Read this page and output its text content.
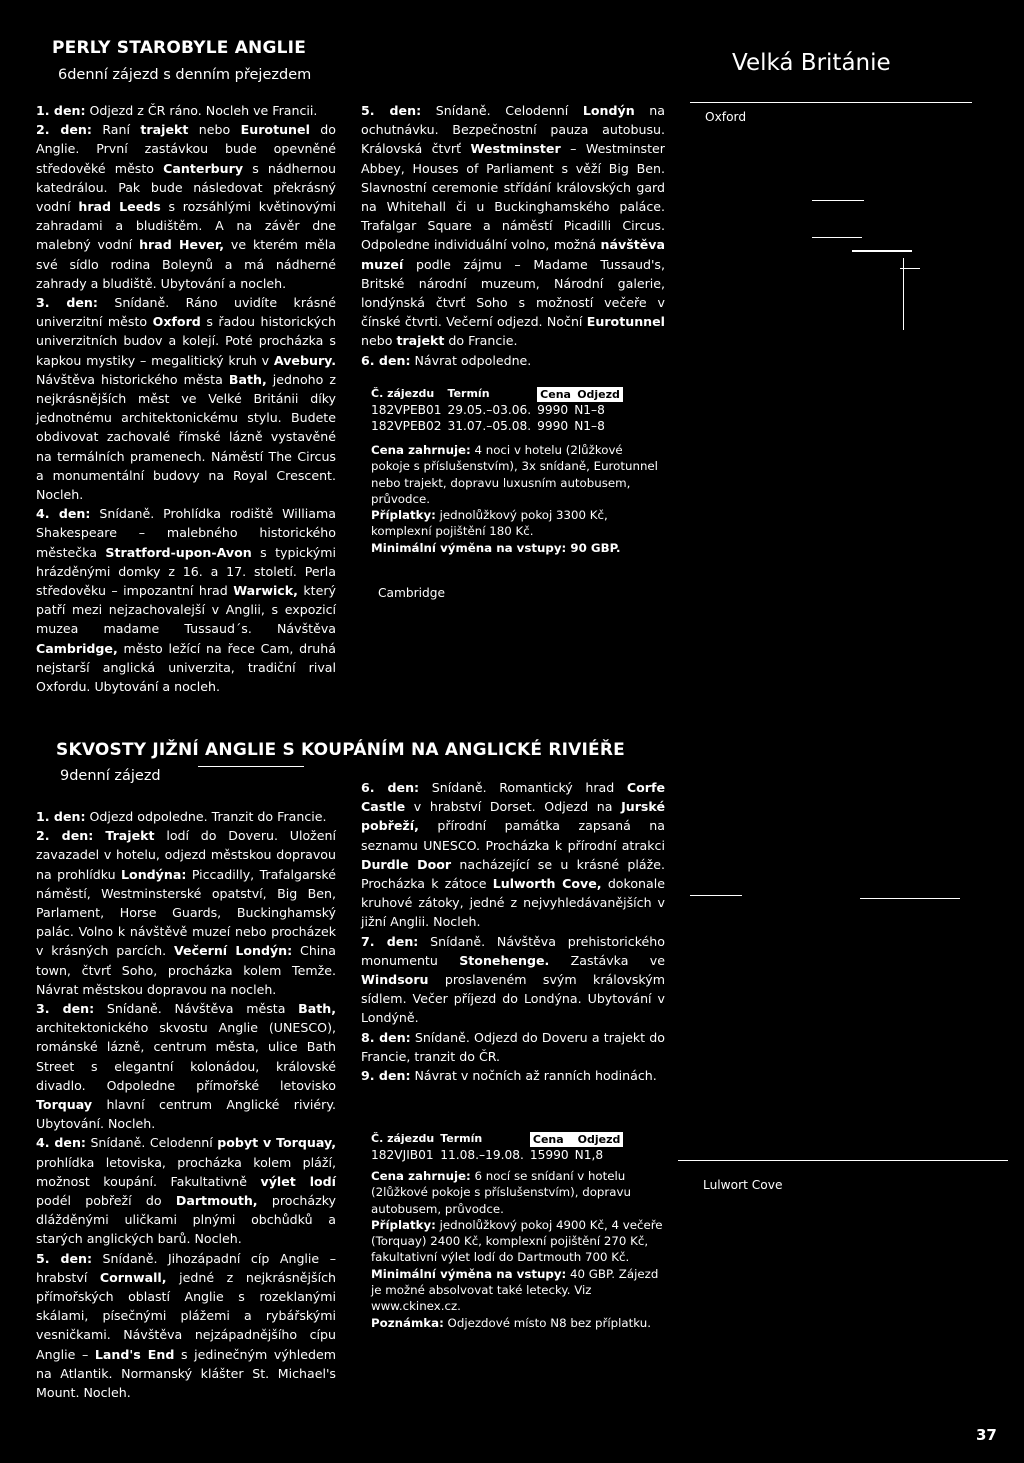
PERLY STAROBYLE ANGLIE
6denní zájezd s denním přejezdem	Velká Británie
Oxford
Cambridge
Lulwort Cove

1. den: Odjezd z ČR ráno. Nocleh ve Francii.

2. den: Raní trajekt nebo Eurotunel do Anglie. První zastávkou bude opevněné středověké město Canterbury s nádhernou katedrálou. Pak bude následovat překrásný vodní hrad Leeds s rozsáhlými květinovými zahradami a bludištěm. A na závěr dne malebný vodní hrad Hever, ve kterém měla své sídlo rodina Boleynů a má nádherné zahrady a bludiště. Ubytování a nocleh.

3. den: Snídaně. Ráno uvidíte krásné univerzitní město Oxford s řadou historických univerzitních budov a kolejí. Poté procházka s kapkou mystiky – megalitický kruh v Avebury. Návštěva historického města Bath, jednoho z nejkrásnějších měst ve Velké Británii díky jednotnému architektonickému stylu. Budete obdivovat zachovalé římské lázně vystavěné na termálních pramenech. Náměstí The Circus a monumentální budovy na Royal Crescent. Nocleh.

4. den: Snídaně. Prohlídka rodiště Williama Shakespeare – malebného historického městečka Stratford-upon-Avon s typickými hrázděnými domky z 16. a 17. století. Perla středověku – impozantní hrad Warwick, který patří mezi nejzachovalejší v Anglii, s expozicí muzea madame Tussaud´s. Návštěva Cambridge, město ležící na řece Cam, druhá nejstarší anglická univerzita, tradiční rival Oxfordu. Ubytování a nocleh.

5. den: Snídaně. Celodenní Londýn na ochutnávku. Bezpečnostní pauza autobusu. Královská čtvrť Westminster – Westminster Abbey, Houses of Parliament s věží Big Ben. Slavnostní ceremonie střídání královských gard na Whitehall či u Buckinghamského paláce. Trafalgar Square a náměstí Picadilli Circus. Odpoledne individuální volno, možná návštěva muzeí podle zájmu – Madame Tussaud's, Britské národní muzeum, Národní galerie, londýnská čtvrť Soho s možností večeře v čínské čtvrti. Večerní odjezd. Noční Eurotunnel nebo trajekt do Francie.

6. den: Návrat odpoledne.

Č. zájezdu	Termín	Cena	Odjezd
182VPEB01	29.05.–03.06.	9990	N1–8
182VPEB02	31.07.–05.08.	9990	N1–8

Cena zahrnuje: 4 noci v hotelu (2lůžkové pokoje s příslušenstvím), 3x snídaně, Eurotunnel nebo trajekt, dopravu luxusním autobusem, průvodce.

Příplatky: jednolůžkový pokoj 3300 Kč, komplexní pojištění 180 Kč.

Minimální výměna na vstupy: 90 GBP.

SKVOSTY JIŽNÍ ANGLIE S KOUPÁNÍM NA ANGLICKÉ RIVIÉŘE
9denní zájezd

1. den: Odjezd odpoledne. Tranzit do Francie.

2. den: Trajekt lodí do Doveru. Uložení zavazadel v hotelu, odjezd městskou dopravou na prohlídku Londýna: Piccadilly, Trafalgarské náměstí, Westminsterské opatství, Big Ben, Parlament, Horse Guards, Buckinghamský palác. Volno k návštěvě muzeí nebo procházek v krásných parcích. Večerní Londýn: China town, čtvrť Soho, procházka kolem Temže. Návrat městskou dopravou na nocleh.

3. den: Snídaně. Návštěva města Bath, architektonického skvostu Anglie (UNESCO), románské lázně, centrum města, ulice Bath Street s elegantní kolonádou, královské divadlo. Odpoledne přímořské letovisko Torquay hlavní centrum Anglické riviéry. Ubytování. Nocleh.

4. den: Snídaně. Celodenní pobyt v Torquay, prohlídka letoviska, procházka kolem pláží, možnost koupání. Fakultativně výlet lodí podél pobřeží do Dartmouth, procházky dlážděnými uličkami plnými obchůdků a starých anglických barů. Nocleh.

5. den: Snídaně. Jihozápadní cíp Anglie – hrabství Cornwall, jedné z nejkrásnějších přímořských oblastí Anglie s rozeklanými skálami, písečnými plážemi a rybářskými vesničkami. Návštěva nejzápadnějšího cípu Anglie – Land's End s jedinečným výhledem na Atlantik. Normanský klášter St. Michael's Mount. Nocleh.

6. den: Snídaně. Romantický hrad Corfe Castle v hrabství Dorset. Odjezd na Jurské pobřeží, přírodní památka zapsaná na seznamu UNESCO. Procházka k přírodní atrakci Durdle Door nacházející se u krásné pláže. Procházka k zátoce Lulworth Cove, dokonale kruhové zátoky, jedné z nejvyhledávanějších v jižní Anglii. Nocleh.

7. den: Snídaně. Návštěva prehistorického monumentu Stonehenge. Zastávka ve Windsoru proslaveném svým královským sídlem. Večer příjezd do Londýna. Ubytování v Londýně.

8. den: Snídaně. Odjezd do Doveru a trajekt do Francie, tranzit do ČR.

9. den: Návrat v nočních až ranních hodinách.

Č. zájezdu	Termín	Cena	Odjezd
182VJIB01	11.08.–19.08.	15990	N1,8

Cena zahrnuje: 6 nocí se snídaní v hotelu (2lůžkové pokoje s příslušenstvím), dopravu autobusem, průvodce.

Příplatky: jednolůžkový pokoj 4900 Kč, 4 večeře (Torquay) 2400 Kč, komplexní pojištění 270 Kč, fakultativní výlet lodí do Dartmouth 700 Kč.

Minimální výměna na vstupy: 40 GBP. Zájezd je možné absolvovat také letecky. Viz www.ckinex.cz.

Poznámka: Odjezdové místo N8 bez příplatku.

37
